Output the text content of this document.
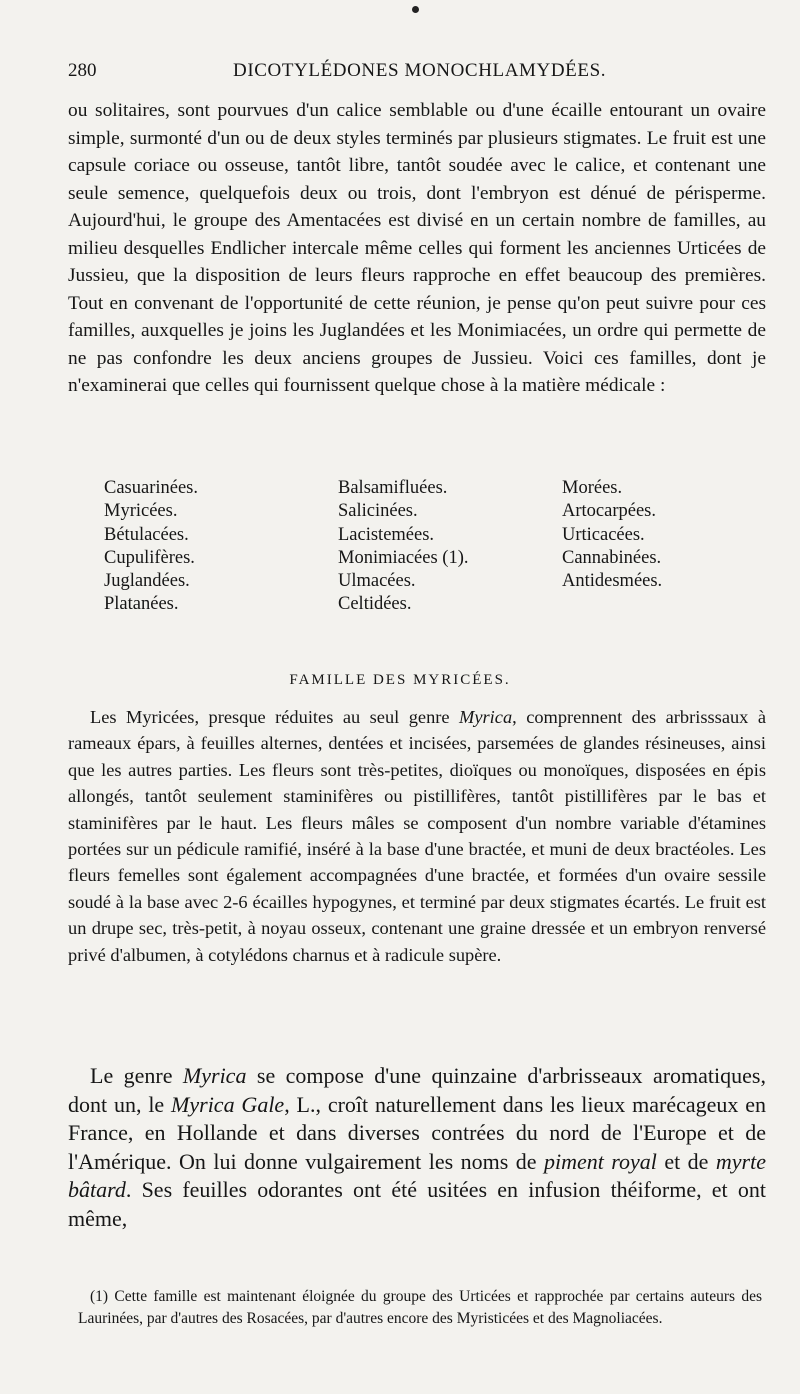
280	DICOTYLÉDONES MONOCHLAMYDÉES.
ou solitaires, sont pourvues d'un calice semblable ou d'une écaille entourant un ovaire simple, surmonté d'un ou de deux styles terminés par plusieurs stigmates. Le fruit est une capsule coriace ou osseuse, tantôt libre, tantôt soudée avec le calice, et contenant une seule semence, quelquefois deux ou trois, dont l'embryon est dénué de périsperme. Aujourd'hui, le groupe des Amentacées est divisé en un certain nombre de familles, au milieu desquelles Endlicher intercale même celles qui forment les anciennes Urticées de Jussieu, que la disposition de leurs fleurs rapproche en effet beaucoup des premières. Tout en convenant de l'opportunité de cette réunion, je pense qu'on peut suivre pour ces familles, auxquelles je joins les Juglandées et les Monimiacées, un ordre qui permette de ne pas confondre les deux anciens groupes de Jussieu. Voici ces familles, dont je n'examinerai que celles qui fournissent quelque chose à la matière médicale :
Casuarinées.
Myricées.
Bétulacées.
Cupulifères.
Juglandées.
Platanées.
Balsamifluées.
Salicinées.
Lacistemées.
Monimiacées (1).
Ulmacées.
Celtidées.
Morées.
Artocarpées.
Urticacées.
Cannabinées.
Antidesmées.
FAMILLE DES MYRICÉES.
Les Myricées, presque réduites au seul genre Myrica, comprennent des arbrisssaux à rameaux épars, à feuilles alternes, dentées et incisées, parsemées de glandes résineuses, ainsi que les autres parties. Les fleurs sont très-petites, dioïques ou monoïques, disposées en épis allongés, tantôt seulement staminifères ou pistillifères, tantôt pistillifères par le bas et staminifères par le haut. Les fleurs mâles se composent d'un nombre variable d'étamines portées sur un pédicule ramifié, inséré à la base d'une bractée, et muni de deux bractéoles. Les fleurs femelles sont également accompagnées d'une bractée, et formées d'un ovaire sessile soudé à la base avec 2-6 écailles hypogynes, et terminé par deux stigmates écartés. Le fruit est un drupe sec, très-petit, à noyau osseux, contenant une graine dressée et un embryon renversé privé d'albumen, à cotylédons charnus et à radicule supère.
Le genre Myrica se compose d'une quinzaine d'arbrisseaux aromatiques, dont un, le Myrica Gale, L., croît naturellement dans les lieux marécageux en France, en Hollande et dans diverses contrées du nord de l'Europe et de l'Amérique. On lui donne vulgairement les noms de piment royal et de myrte bâtard. Ses feuilles odorantes ont été usitées en infusion théiforme, et ont même,
(1) Cette famille est maintenant éloignée du groupe des Urticées et rapprochée par certains auteurs des Laurinées, par d'autres des Rosacées, par d'autres encore des Myristicées et des Magnoliacées.
